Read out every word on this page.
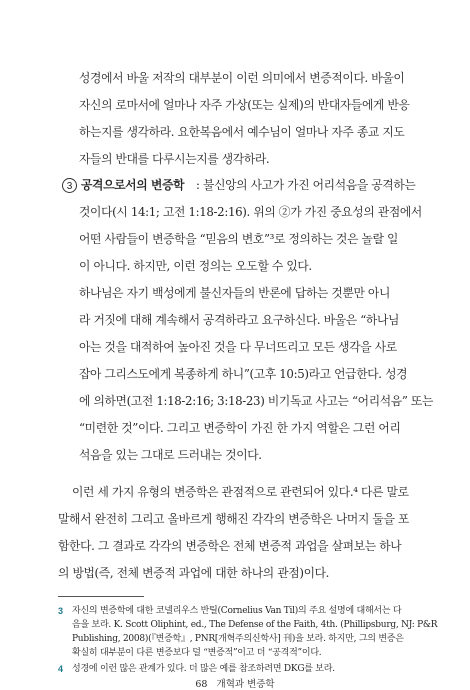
성경에서 바울 저작의 대부분이 이런 의미에서 변증적이다. 바울이
자신의 로마서에 얼마나 자주 가상(또는 실제)의 반대자들에게 반응
하는지를 생각하라. 요한복음에서 예수님이 얼마나 자주 종교 지도
자들의 반대를 다루시는지를 생각하라.
3 공격으로서의 변증학 : 불신앙의 사고가 가진 어리석음을 공격하는
것이다(시 14:1; 고전 1:18-2:16). 위의 ②가 가진 중요성의 관점에서
어떤 사람들이 변증학을 “믿음의 변호”³로 정의하는 것은 놀랄 일
이 아니다. 하지만, 이런 정의는 오도할 수 있다.
하나님은 자기 백성에게 불신자들의 반론에 답하는 것뿐만 아니
라 거짓에 대해 계속해서 공격하라고 요구하신다. 바울은 “하나님
아는 것을 대적하여 높아진 것을 다 무너뜨리고 모든 생각을 사로
잡아 그리스도에게 복종하게 하니”(고후 10:5)라고 언급한다. 성경
에 의하면(고전 1:18-2:16; 3:18-23) 비기독교 사고는 “어리석음” 또는
“미련한 것”이다. 그리고 변증학이 가진 한 가지 역할은 그런 어리
석음을 있는 그대로 드러내는 것이다.
이런 세 가지 유형의 변증학은 관점적으로 관련되어 있다.⁴ 다른 말로
말해서 완전히 그리고 올바르게 행해진 각각의 변증학은 나머지 둘을 포
함한다. 그 결과로 각각의 변증학은 전체 변증적 과업을 살펴보는 하나
의 방법(즉, 전체 변증적 과업에 대한 하나의 관점)이다.
3 자신의 변증학에 대한 코넬리우스 반틸(Cornelius Van Til)의 주요 설명에 대해서는 다
음을 보라. K. Scott Oliphint, ed., The Defense of the Faith, 4th. (Phillipsburg, NJ: P&R
68 개혁과 변증학
Publishing, 2008)(『변증학』, PNR[개혁주의신학사] 刊)을 보라. 하지만, 그의 변증은
확실히 대부분이 다른 변증보다 덜 “변증적”이고 더 “공격적”이다.
4 성경에 이런 많은 관계가 있다. 더 많은 예를 참조하려면 DKG를 보라.
